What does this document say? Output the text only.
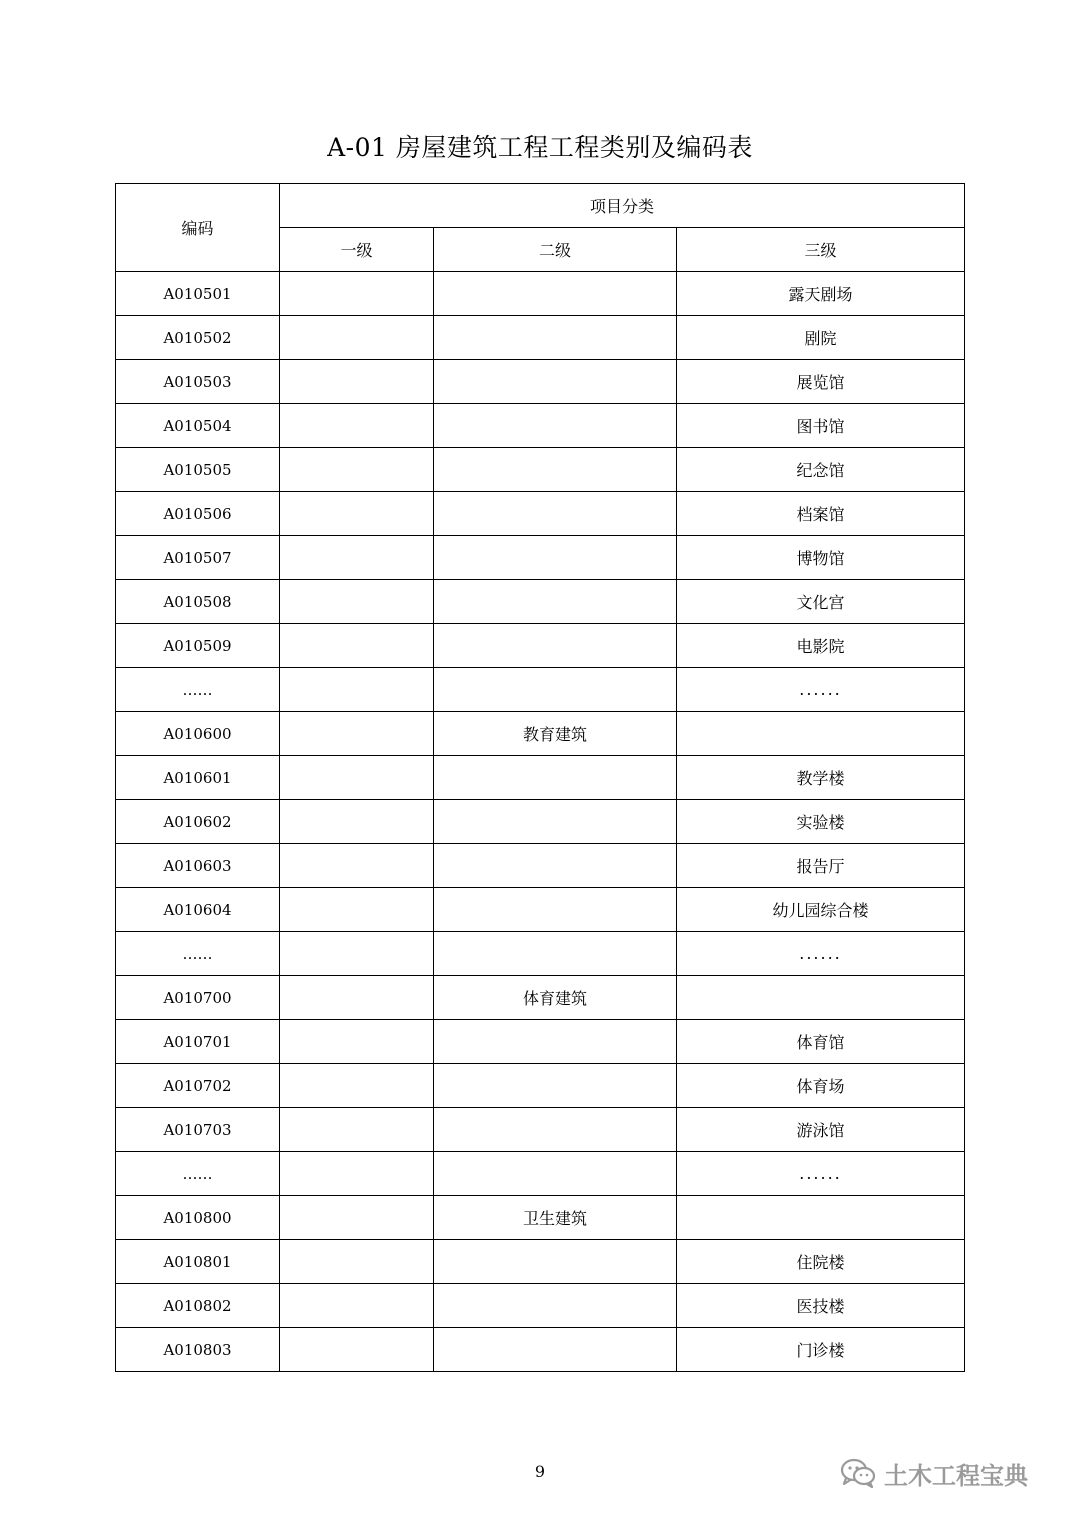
A-01 房屋建筑工程工程类别及编码表
编码	项目分类		
	一级	二级	三级
A010501			露天剧场
A010502			剧院
A010503			展览馆
A010504			图书馆
A010505			纪念馆
A010506			档案馆
A010507			博物馆
A010508			文化宫
A010509			电影院
……			......
A010600		教育建筑	
A010601			教学楼
A010602			实验楼
A010603			报告厅
A010604			幼儿园综合楼
……			......
A010700		体育建筑	
A010701			体育馆
A010702			体育场
A010703			游泳馆
……			......
A010800		卫生建筑	
A010801			住院楼
A010802			医技楼
A010803			门诊楼
9	土木工程宝典
